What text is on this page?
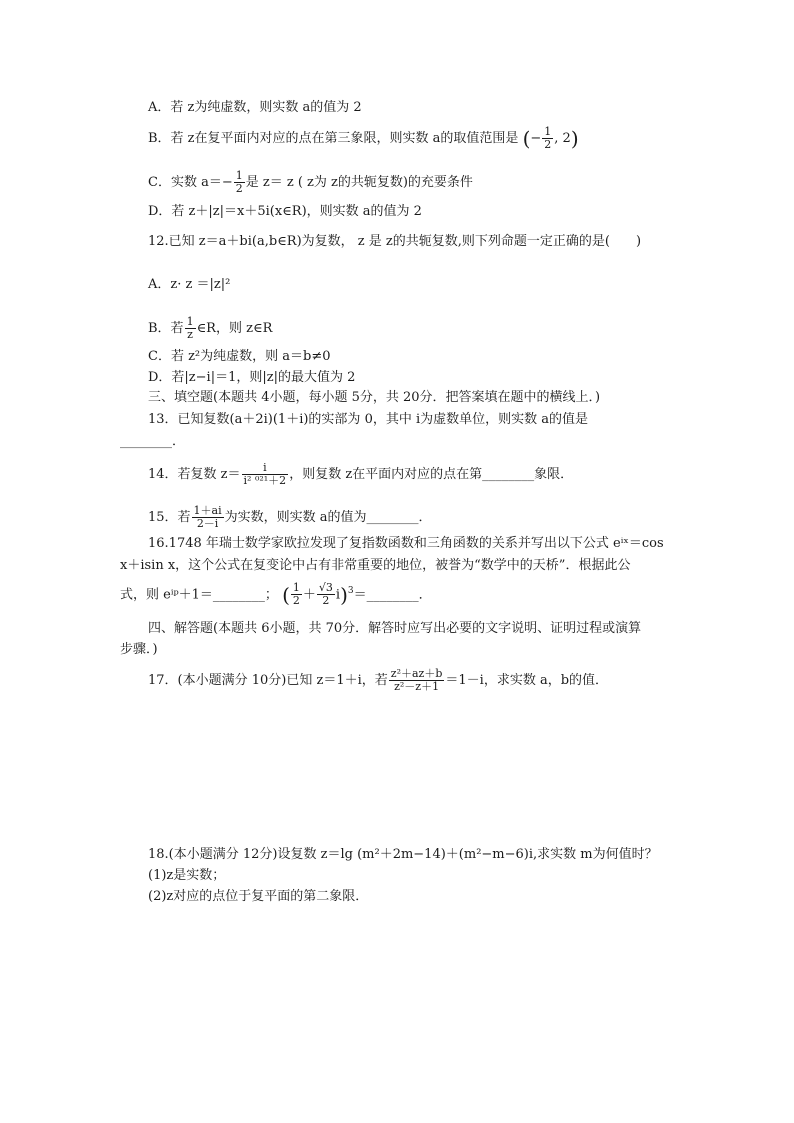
A．若 z为纯虚数，则实数 a的值为 2
B．若 z在复平面内对应的点在第三象限，则实数 a的取值范围是 (− $\frac{1}{2}$ , 2)
C．实数 $a=- \frac{1}{2}$ 是 z＝ z ( z为 z的共轭复数)的充要条件
D．若 z＋|z|＝x＋5i(x∈R)，则实数 a的值为 2
12.已知 z＝a＋bi(a,b∈R)为复数， z 是 z的共轭复数,则下列命题一定正确的是(　　)
A．z· z ＝|z|²
B．若 $\frac{1}{z}$ ∈R，则 z∈R
C．若 z²为纯虚数，则 a＝b≠0
D．若|z−i|＝1，则|z|的最大值为 2
三、填空题(本题共 4小题，每小题 5分，共 20分．把答案填在题中的横线上．)
13．已知复数(a＋2i)(1＋i)的实部为 0，其中 i为虚数单位，则实数 a的值是
________．
14．若复数 $z= \frac{i}{\text{i² ⁰²¹＋2}}$ ，则复数 z在平面内对应的点在第________象限．
15．若 $\frac{1+ai}{2-i}$ 为实数，则实数 a的值为________．
16.1748 年瑞士数学家欧拉发现了复指数函数和三角函数的关系并写出以下公式 eⁱˣ＝cos
x＋isin x，这个公式在复变论中占有非常重要的地位，被誉为“数学中的天桥”．根据此公
式，则 eⁱᵖ＋1＝________； ( $\frac{1}{2} + \frac{√3}{2}$ i)$^3$＝________．
四、解答题(本题共 6小题，共 70分．解答时应写出必要的文字说明、证明过程或演算
步骤．)
17．(本小题满分 10分)已知 z＝1＋i，若 $\frac{\text{z²＋az＋b}}{\text{z²－z＋1}} =1-i$，求实数 a，b的值．
18.(本小题满分 12分)设复数 z＝lg (m²＋2m−14)＋(m²−m−6)i,求实数 m为何值时？
(1)z是实数；
(2)z对应的点位于复平面的第二象限．
